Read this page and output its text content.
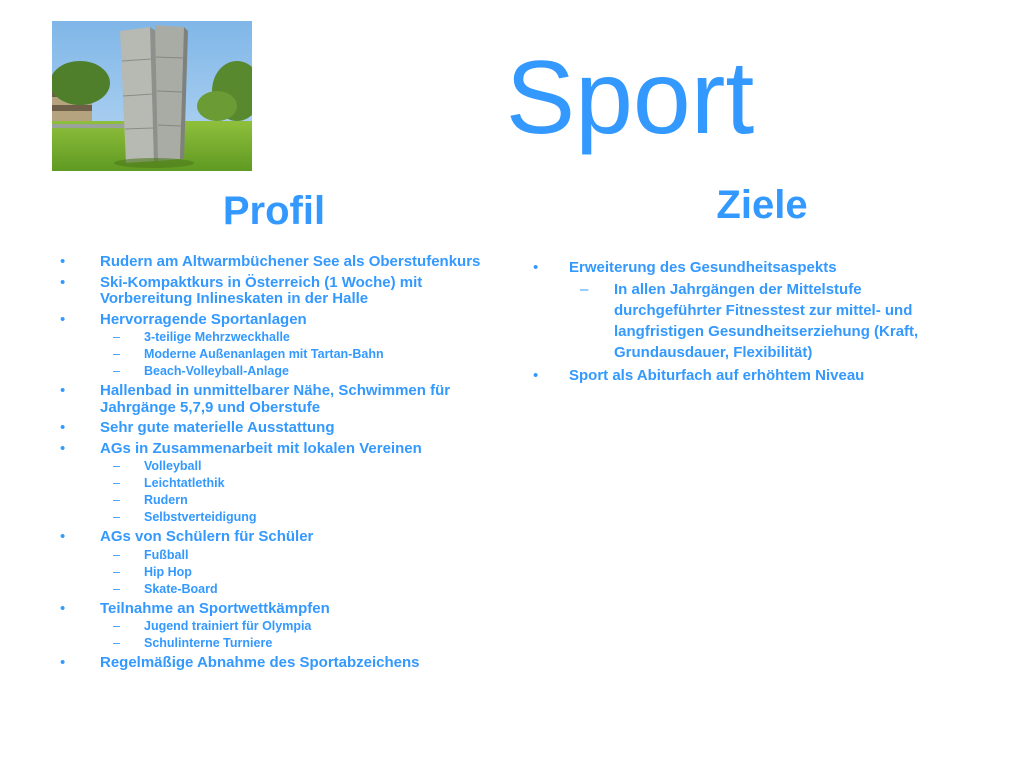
Sport
Profil	Ziele
• Rudern am Altwarmbüchener See als Oberstufenkurs
• Ski-Kompaktkurs in Österreich (1 Woche) mit Vorbereitung Inlineskaten in der Halle
• Hervorragende Sportanlagen
– 3-teilige Mehrzweckhalle
– Moderne Außenanlagen mit Tartan-Bahn
– Beach-Volleyball-Anlage
• Hallenbad in unmittelbarer Nähe, Schwimmen für Jahrgänge 5,7,9 und Oberstufe
• Sehr gute materielle Ausstattung
• AGs in Zusammenarbeit mit lokalen Vereinen
– Volleyball
– Leichtatlethik
– Rudern
– Selbstverteidigung
• AGs von Schülern für Schüler
– Fußball
– Hip Hop
– Skate-Board
• Teilnahme an Sportwettkämpfen
– Jugend trainiert für Olympia
– Schulinterne Turniere
• Regelmäßige Abnahme des Sportabzeichens
• Erweiterung des Gesundheitsaspekts
– In allen Jahrgängen der Mittelstufe durchgeführter Fitnesstest zur mittel- und langfristigen Gesundheitserziehung (Kraft, Grundausdauer, Flexibilität)
• Sport als Abiturfach auf erhöhtem Niveau
